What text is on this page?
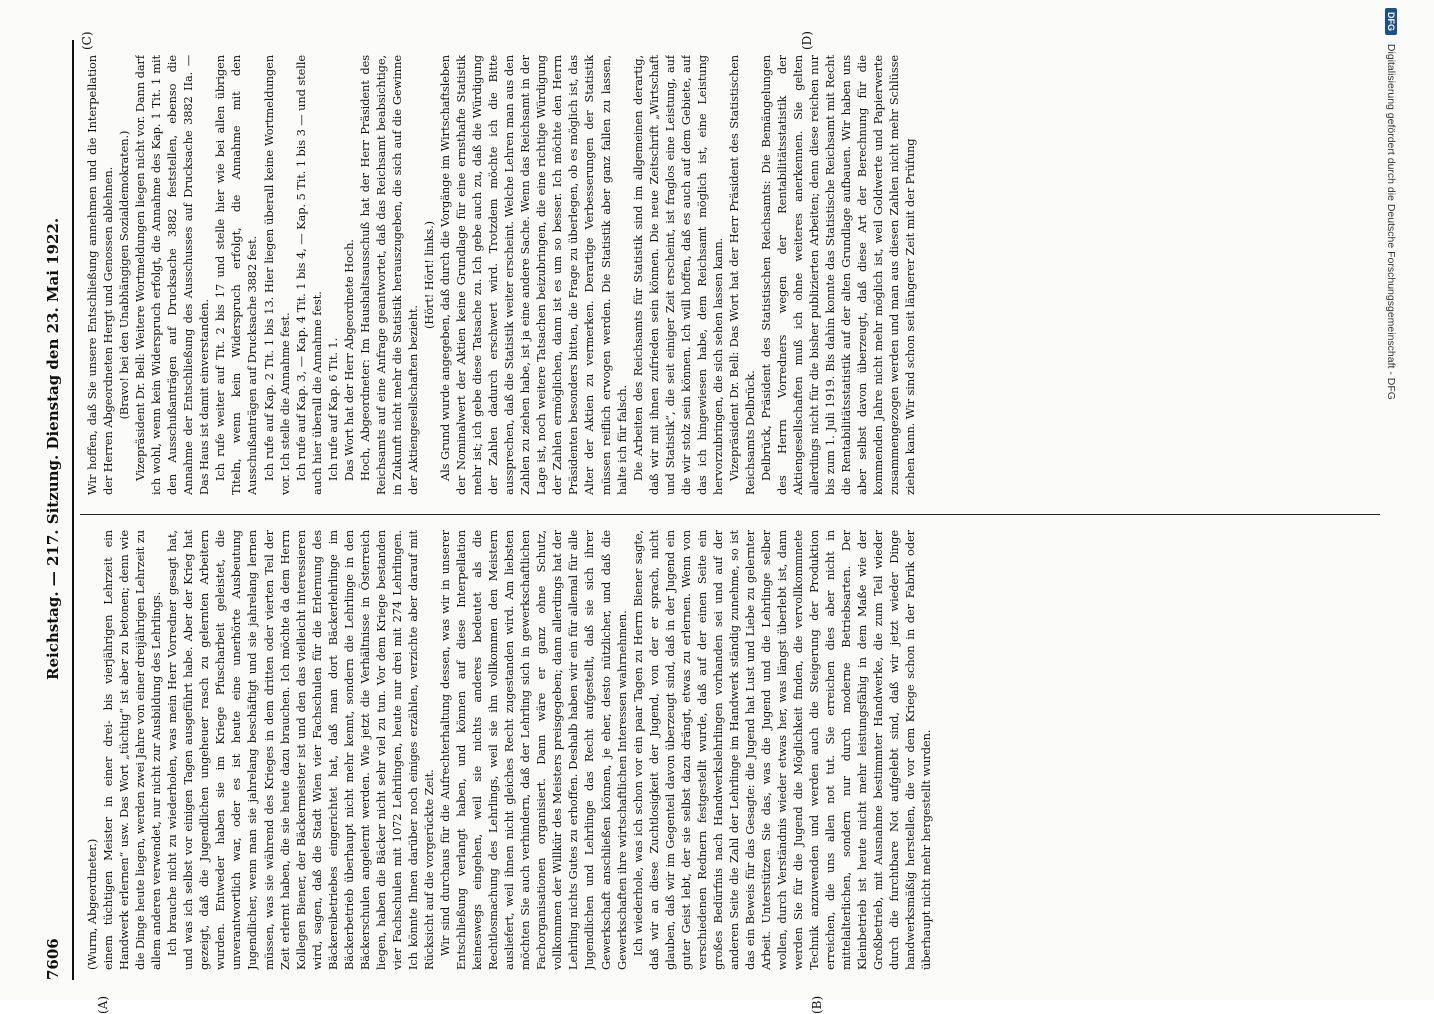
7606
Reichstag. — 217. Sitzung. Dienstag den 23. Mai 1922.
(A)	(B)
(C)	(D)

(Wurm, Abgeordneter.) einem tüchtigen Meister in einer drei- bis vierjährigen Lehrzeit ein Handwerk erlernen“ usw. Das Wort „tüchtig“ ist aber zu betonen; denn wie die Dinge heute liegen, werden zwei Jahre von einer dreijährigen Lehrzeit zu allem anderen verwendet, nur nicht zur Ausbildung des Lehrlings. Ich brauche nicht zu wiederholen, was mein Herr Vorredner gesagt hat, und was ich selbst vor einigen Tagen ausgeführt habe. Aber der Krieg hat gezeigt, daß die Jugendlichen ungeheuer rasch zu gelernten Arbeitern wurden. Entweder haben sie im Kriege Pfuscharbeit geleistet, die unverantwortlich war, oder es ist heute eine unerhörte Ausbeutung Jugendlicher, wenn man sie jahrelang beschäftigt und sie jahrelang lernen müssen, was sie während des Krieges in dem dritten oder vierten Teil der Zeit erlernt haben, die sie heute dazu brauchen. Ich möchte da dem Herrn Kollegen Biener, der Bäckermeister ist und den das vielleicht interessieren wird, sagen, daß die Stadt Wien vier Fachschulen für die Erlernung des Bäckereibetriebes eingerichtet hat, daß man dort Bäckerlehrlinge im Bäckerbetrieb überhaupt nicht mehr kennt, sondern die Lehrlinge in den Bäckerschulen angelernt werden. Wie jetzt die Verhältnisse in Österreich liegen, haben die Bäcker nicht sehr viel zu tun. Vor dem Kriege bestanden vier Fachschulen mit 1072 Lehrlingen, heute nur drei mit 274 Lehrlingen. Ich könnte Ihnen darüber noch einiges erzählen, verzichte aber darauf mit Rücksicht auf die vorgerückte Zeit. Wir sind durchaus für die Aufrechterhaltung dessen, was wir in unserer Entschließung verlangt haben, und können auf diese Interpellation keineswegs eingehen, weil sie nichts anderes bedeutet als die Rechtlosmachung des Lehrlings, weil sie ihn vollkommen den Meistern ausliefert, weil ihnen nicht gleiches Recht zugestanden wird. Am liebsten möchten Sie auch verhindern, daß der Lehrling sich in gewerkschaftlichen Fachorganisationen organisiert. Dann wäre er ganz ohne Schutz, vollkommen der Willkür des Meisters preisgegeben; dann allerdings hat der Lehrling nichts Gutes zu erhoffen. Deshalb haben wir ein für allemal für alle Jugendlichen und Lehrlinge das Recht aufgestellt, daß sie sich ihrer Gewerkschaft anschließen können, je eher, desto nützlicher, und daß die Gewerkschaften ihre wirtschaftlichen Interessen wahrnehmen. Ich wiederhole, was ich schon vor ein paar Tagen zu Herrn Biener sagte, daß wir an diese Zuchtlosigkeit der Jugend, von der er sprach, nicht glauben, daß wir im Gegenteil davon überzeugt sind, daß in der Jugend ein guter Geist lebt, der sie selbst dazu drängt, etwas zu erlernen. Wenn von verschiedenen Rednern festgestellt wurde, daß auf der einen Seite ein großes Bedürfnis nach Handwerkslehrlingen vorhanden sei und auf der anderen Seite die Zahl der Lehrlinge im Handwerk ständig zunehme, so ist das ein Beweis für das Gesagte: die Jugend hat Lust und Liebe zu gelernter Arbeit. Unterstützen Sie das, was die Jugend und die Lehrlinge selber wollen, durch Verständnis wieder etwas her, was längst überlebt ist, dann werden Sie für die Jugend die Möglichkeit finden, die vervollkommnete Technik anzuwenden und werden auch die Steigerung der Produktion erreichen, die uns allen not tut. Sie erreichen dies aber nicht in mittelalterlichen, sondern nur durch moderne Betriebsarten. Der Kleinbetrieb ist heute nicht mehr leistungsfähig in dem Maße wie der Großbetrieb, mit Ausnahme bestimmter Handwerke, die zum Teil wieder durch die furchtbare Not aufgelebt sind, daß wir jetzt wieder Dinge handwerksmäßig herstellen, die vor dem Kriege schon in der Fabrik oder überhaupt nicht mehr hergestellt wurden.

Wir hoffen, daß Sie unsere Entschließung annehmen und die Interpellation der Herren Abgeordneten Hergt und Genossen ablehnen. (Bravo! bei den Unabhängigen Sozialdemokraten.) Vizepräsident Dr. Bell: Weitere Wortmeldungen liegen nicht vor. Dann darf ich wohl, wenn kein Widerspruch erfolgt, die Annahme des Kap. 1 Tit. 1 mit den Ausschußanträgen auf Drucksache 3882 feststellen, ebenso die Annahme der Entschließung des Ausschusses auf Drucksache 3882 IIa. — Das Haus ist damit einverstanden. Ich rufe weiter auf Tit. 2 bis 17 und stelle hier wie bei allen übrigen Titeln, wenn kein Widerspruch erfolgt, die Annahme mit den Ausschußanträgen auf Drucksache 3882 fest. Ich rufe auf Kap. 2 Tit. 1 bis 13. Hier liegen überall keine Wortmeldungen vor. Ich stelle die Annahme fest. Ich rufe auf Kap. 3, — Kap. 4 Tit. 1 bis 4, — Kap. 5 Tit. 1 bis 3 — und stelle auch hier überall die Annahme fest. Ich rufe auf Kap. 6 Tit. 1. Das Wort hat der Herr Abgeordnete Hoch. Hoch, Abgeordneter: Im Haushaltsausschuß hat der Herr Präsident des Reichsamts auf eine Anfrage geantwortet, daß das Reichsamt beabsichtige, in Zukunft nicht mehr die Statistik herauszugeben, die sich auf die Gewinne der Aktiengesellschaften bezieht.

(Hört! Hört! links.) Als Grund wurde angegeben, daß durch die Vorgänge im Wirtschaftsleben der Nominalwert der Aktien keine Grundlage für eine ernsthafte Statistik mehr ist; ich gebe diese Tatsache zu. Ich gebe auch zu, daß die Würdigung der Zahlen dadurch erschwert wird. Trotzdem möchte ich die Bitte aussprechen, daß die Statistik weiter erscheint. Welche Lehren man aus den Zahlen zu ziehen habe, ist ja eine andere Sache. Wenn das Reichsamt in der Lage ist, noch weitere Tatsachen beizubringen, die eine richtige Würdigung der Zahlen ermöglichen, dann ist es um so besser. Ich möchte den Herrn Präsidenten besonders bitten, die Frage zu überlegen, ob es möglich ist, das Alter der Aktien zu vermerken. Derartige Verbesserungen der Statistik müssen reiflich erwogen werden. Die Statistik aber ganz fallen zu lassen, halte ich für falsch. Die Arbeiten des Reichsamts für Statistik sind im allgemeinen derartig, daß wir mit ihnen zufrieden sein können. Die neue Zeitschrift „Wirtschaft und Statistik“, die seit einiger Zeit erscheint, ist fraglos eine Leistung, auf die wir stolz sein können. Ich will hoffen, daß es auch auf dem Gebiete, auf das ich hingewiesen habe, dem Reichsamt möglich ist, eine Leistung hervorzubringen, die sich sehen lassen kann. Vizepräsident Dr. Bell: Das Wort hat der Herr Präsident des Statistischen Reichsamts Delbrück. Delbrück, Präsident des Statistischen Reichsamts: Die Bemängelungen des Herrn Vorredners wegen der Rentabilitätsstatistik der Aktiengesellschaften muß ich ohne weiteres anerkennen. Sie gelten allerdings nicht für die bisher publizierten Arbeiten; denn diese reichen nur bis zum 1. Juli 1919. Bis dahin konnte das Statistische Reichsamt mit Recht die Rentabilitätsstatistik auf der alten Grundlage aufbauen. Wir haben uns aber selbst davon überzeugt, daß diese Art der Berechnung für die kommenden Jahre nicht mehr möglich ist, weil Goldwerte und Papierwerte zusammengezogen werden und man aus diesen Zahlen nicht mehr Schlüsse ziehen kann. Wir sind schon seit längerer Zeit mit der Prüfung

DFG Digitalisierung gefördert durch die Deutsche Forschungsgemeinschaft - DFG
